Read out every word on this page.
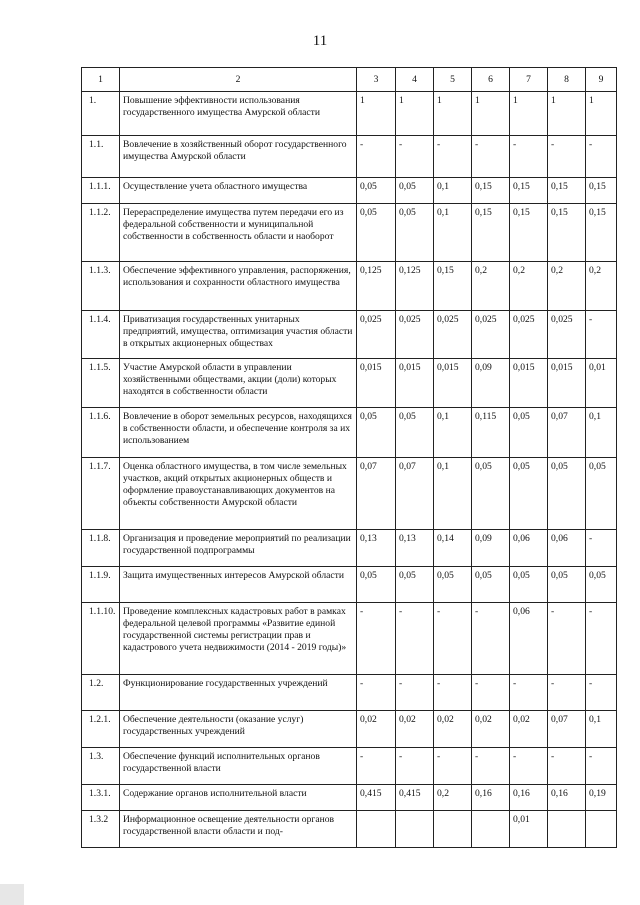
11
1	2	3	4	5	6	7	8	9
1.	Повышение эффективности использования государственного имущества Амурской области	1	1	1	1	1	1	1
1.1.	Вовлечение в хозяйственный оборот государственного имущества Амурской области	-	-	-	-	-	-	-
1.1.1.	Осуществление учета областного имущества	0,05	0,05	0,1	0,15	0,15	0,15	0,15
1.1.2.	Перераспределение имущества путем передачи его из федеральной собственности и муниципальной собственности в собственность области и наоборот	0,05	0,05	0,1	0,15	0,15	0,15	0,15
1.1.3.	Обеспечение эффективного управления, распоряжения, использования и сохранности областного имущества	0,125	0,125	0,15	0,2	0,2	0,2	0,2
1.1.4.	Приватизация государственных унитарных предприятий, имущества, оптимизация участия области в открытых акционерных обществах	0,025	0,025	0,025	0,025	0,025	0,025	-
1.1.5.	Участие Амурской области в управлении хозяйственными обществами, акции (доли) которых находятся в собственности области	0,015	0,015	0,015	0,09	0,015	0,015	0,01
1.1.6.	Вовлечение в оборот земельных ресурсов, находящихся в собственности области, и обеспечение контроля за их использованием	0,05	0,05	0,1	0,115	0,05	0,07	0,1
1.1.7.	Оценка областного имущества, в том числе земельных участков, акций открытых акционерных обществ и оформление правоустанавливающих документов на объекты собственности Амурской области	0,07	0,07	0,1	0,05	0,05	0,05	0,05
1.1.8.	Организация и проведение мероприятий по реализации государственной подпрограммы	0,13	0,13	0,14	0,09	0,06	0,06	-
1.1.9.	Защита имущественных интересов Амурской области	0,05	0,05	0,05	0,05	0,05	0,05	0,05
1.1.10.	Проведение комплексных кадастровых работ в рамках федеральной целевой программы «Развитие единой государственной системы регистрации прав и кадастрового учета недвижимости (2014 - 2019 годы)»	-	-	-	-	0,06	-	-
1.2.	Функционирование государственных учреждений	-	-	-	-	-	-	-
1.2.1.	Обеспечение деятельности (оказание услуг) государственных учреждений	0,02	0,02	0,02	0,02	0,02	0,07	0,1
1.3.	Обеспечение функций исполнительных органов государственной власти	-	-	-	-	-	-	-
1.3.1.	Содержание органов исполнительной власти	0,415	0,415	0,2	0,16	0,16	0,16	0,19
1.3.2	Информационное освещение деятельности органов государственной власти области и под-					0,01		
